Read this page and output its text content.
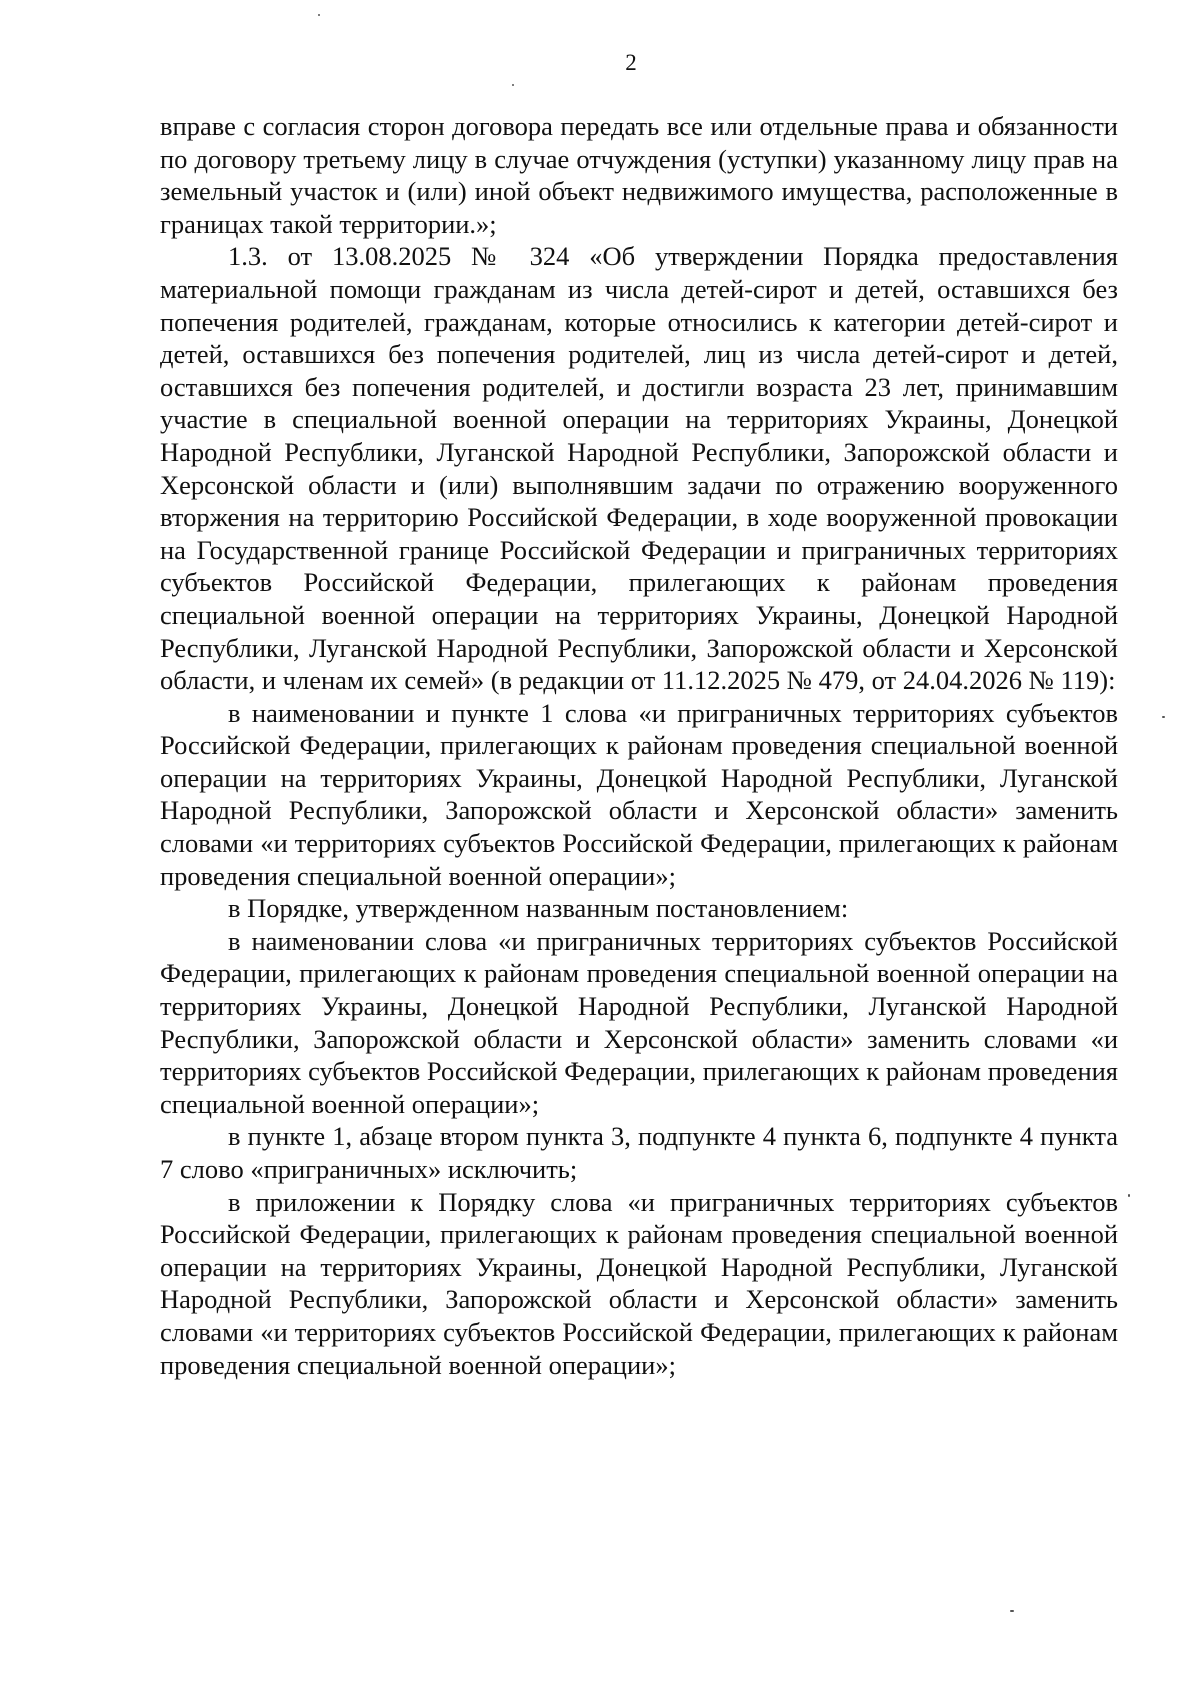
2

вправе с согласия сторон договора передать все или отдельные права и обязанности по договору третьему лицу в случае отчуждения (уступки) указанному лицу прав на земельный участок и (или) иной объект недвижимого имущества, расположенные в границах такой территории.»;

1.3. от 13.08.2025 № 324 «Об утверждении Порядка предоставления материальной помощи гражданам из числа детей-сирот и детей, оставшихся без попечения родителей, гражданам, которые относились к категории детей-сирот и детей, оставшихся без попечения родителей, лиц из числа детей-сирот и детей, оставшихся без попечения родителей, и достигли возраста 23 лет, принимавшим участие в специальной военной операции на территориях Украины, Донецкой Народной Республики, Луганской Народной Республики, Запорожской области и Херсонской области и (или) выполнявшим задачи по отражению вооруженного вторжения на территорию Российской Федерации, в ходе вооруженной провокации на Государственной границе Российской Федерации и приграничных территориях субъектов Российской Федерации, прилегающих к районам проведения специальной военной операции на территориях Украины, Донецкой Народной Республики, Луганской Народной Республики, Запорожской области и Херсонской области, и членам их семей» (в редакции от 11.12.2025 № 479, от 24.04.2026 № 119):

в наименовании и пункте 1 слова «и приграничных территориях субъектов Российской Федерации, прилегающих к районам проведения специальной военной операции на территориях Украины, Донецкой Народной Республики, Луганской Народной Республики, Запорожской области и Херсонской области» заменить словами «и территориях субъектов Российской Федерации, прилегающих к районам проведения специальной военной операции»;

в Порядке, утвержденном названным постановлением:

в наименовании слова «и приграничных территориях субъектов Российской Федерации, прилегающих к районам проведения специальной военной операции на территориях Украины, Донецкой Народной Республики, Луганской Народной Республики, Запорожской области и Херсонской области» заменить словами «и территориях субъектов Российской Федерации, прилегающих к районам проведения специальной военной операции»;

в пункте 1, абзаце втором пункта 3, подпункте 4 пункта 6, подпункте 4 пункта 7 слово «приграничных» исключить;

в приложении к Порядку слова «и приграничных территориях субъектов Российской Федерации, прилегающих к районам проведения специальной военной операции на территориях Украины, Донецкой Народной Республики, Луганской Народной Республики, Запорожской области и Херсонской области» заменить словами «и территориях субъектов Российской Федерации, прилегающих к районам проведения специальной военной операции»;
